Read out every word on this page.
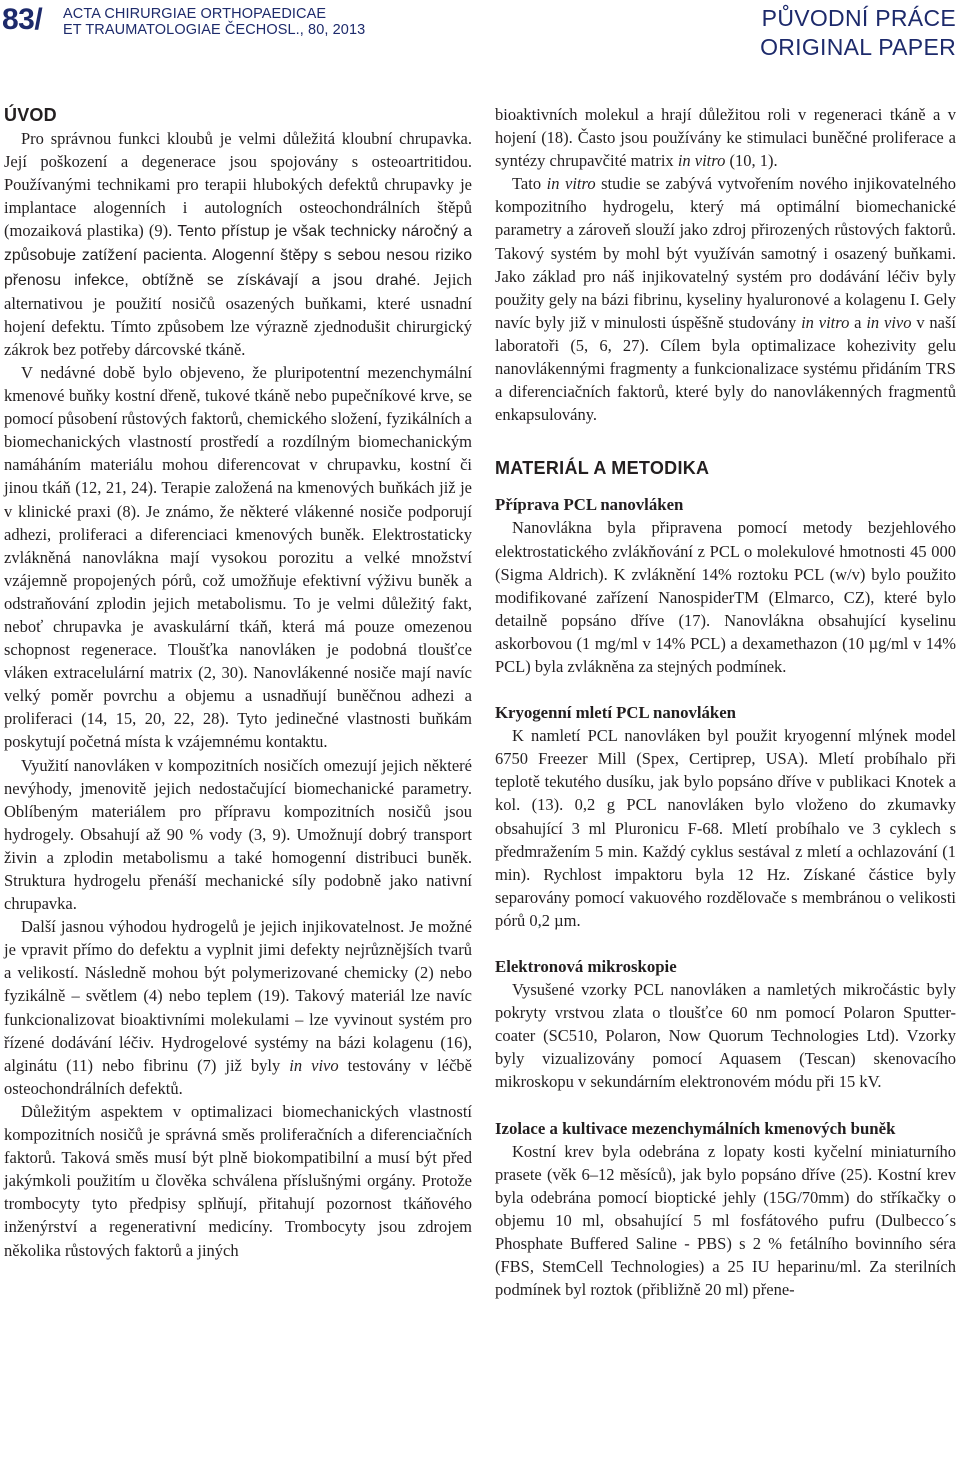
83/ ACTA CHIRURGIAE ORTHOPAEDICAE
ET TRAUMATOLOGIAE ČECHOSL., 80, 2013	PŮVODNÍ PRÁCE
ORIGINAL PAPER
ÚVOD

Pro správnou funkci kloubů je velmi důležitá kloubní chrupavka. Její poškození a degenerace jsou spojovány s osteoartritidou. Používanými technikami pro terapii hlubokých defektů chrupavky je implantace alogenních i autologních osteochondrálních štěpů (mozaiková plastika) (9). Tento přístup je však technicky náročný a způsobuje zatížení pacienta. Alogenní štěpy s sebou nesou riziko přenosu infekce, obtížně se získávají a jsou drahé. Jejich alternativou je použití nosičů osazených buňkami, které usnadní hojení defektu. Tímto způsobem lze výrazně zjednodušit chirurgický zákrok bez potřeby dárcovské tkáně.

V nedávné době bylo objeveno, že pluripotentní mezenchymální kmenové buňky kostní dřeně, tukové tkáně nebo pupečníkové krve, se pomocí působení růstových faktorů, chemického složení, fyzikálních a biomechanických vlastností prostředí a rozdílným biomechanickým namáháním materiálu mohou diferencovat v chrupavku, kostní či jinou tkáň (12, 21, 24). Terapie založená na kmenových buňkách již je v klinické praxi (8). Je známo, že některé vlákenné nosiče podporují adhezi, proliferaci a diferenciaci kmenových buněk. Elektrostaticky zvlákněná nanovlákna mají vysokou porozitu a velké množství vzájemně propojených pórů, což umožňuje efektivní výživu buněk a odstraňování zplodin jejich metabolismu. To je velmi důležitý fakt, neboť chrupavka je avaskulární tkáň, která má pouze omezenou schopnost regenerace. Tloušťka nanovláken je podobná tloušťce vláken extracelulární matrix (2, 30). Nanovlákenné nosiče mají navíc velký poměr povrchu a objemu a usnadňují buněčnou adhezi a proliferaci (14, 15, 20, 22, 28). Tyto jedinečné vlastnosti buňkám poskytují početná místa k vzájemnému kontaktu.

Využití nanovláken v kompozitních nosičích omezují jejich některé nevýhody, jmenovitě jejich nedostačující biomechanické parametry. Oblíbeným materiálem pro přípravu kompozitních nosičů jsou hydrogely. Obsahují až 90 % vody (3, 9). Umožnují dobrý transport živin a zplodin metabolismu a také homogenní distribuci buněk. Struktura hydrogelu přenáší mechanické síly podobně jako nativní chrupavka.

Další jasnou výhodou hydrogelů je jejich injikovatelnost. Je možné je vpravit přímo do defektu a vyplnit jimi defekty nejrůznějších tvarů a velikostí. Následně mohou být polymerizované chemicky (2) nebo fyzikálně – světlem (4) nebo teplem (19). Takový materiál lze navíc funkcionalizovat bioaktivními molekulami – lze vyvinout systém pro řízené dodávání léčiv. Hydrogelové systémy na bázi kolagenu (16), alginátu (11) nebo fibrinu (7) již byly in vivo testovány v léčbě osteochondrálních defektů.

Důležitým aspektem v optimalizaci biomechanických vlastností kompozitních nosičů je správná směs proliferačních a diferenciačních faktorů. Taková směs musí být plně biokompatibilní a musí být před jakýmkoli použitím u člověka schválena příslušnými orgány. Protože trombocyty tyto předpisy splňují, přitahují pozornost tkáňového inženýrství a regenerativní medicíny. Trombocyty jsou zdrojem několika růstových faktorů a jiných

bioaktivních molekul a hrají důležitou roli v regeneraci tkáně a v hojení (18). Často jsou používány ke stimulaci buněčné proliferace a syntézy chrupavčité matrix in vitro (10, 1).

Tato in vitro studie se zabývá vytvořením nového injikovatelného kompozitního hydrogelu, který má optimální biomechanické parametry a zároveň slouží jako zdroj přirozených růstových faktorů. Takový systém by mohl být využíván samotný i osazený buňkami. Jako základ pro náš injikovatelný systém pro dodávání léčiv byly použity gely na bázi fibrinu, kyseliny hyaluronové a kolagenu I. Gely navíc byly již v minulosti úspěšně studovány in vitro a in vivo v naší laboratoři (5, 6, 27). Cílem byla optimalizace kohezivity gelu nanovlákennými fragmenty a funkcionalizace systému přidáním TRS a diferenciačních faktorů, které byly do nanovlákenných fragmentů enkapsulovány.

MATERIÁL A METODIKA
Příprava PCL nanovláken

Nanovlákna byla připravena pomocí metody bezjehlového elektrostatického zvlákňování z PCL o molekulové hmotnosti 45 000 (Sigma Aldrich). K zvláknění 14% roztoku PCL (w/v) bylo použito modifikované zařízení NanospiderTM (Elmarco, CZ), které bylo detailně popsáno dříve (17). Nanovlákna obsahující kyselinu askorbovou (1 mg/ml v 14% PCL) a dexamethazon (10 µg/ml v 14% PCL) byla zvlákněna za stejných podmínek.

Kryogenní mletí PCL nanovláken

K namletí PCL nanovláken byl použit kryogenní mlýnek model 6750 Freezer Mill (Spex, Certiprep, USA). Mletí probíhalo při teplotě tekutého dusíku, jak bylo popsáno dříve v publikaci Knotek a kol. (13). 0,2 g PCL nanovláken bylo vloženo do zkumavky obsahující 3 ml Pluronicu F-68. Mletí probíhalo ve 3 cyklech s předmražením 5 min. Každý cyklus sestával z mletí a ochlazování (1 min). Rychlost impaktoru byla 12 Hz. Získané částice byly separovány pomocí vakuového rozdělovače s membránou o velikosti pórů 0,2 µm.

Elektronová mikroskopie

Vysušené vzorky PCL nanovláken a namletých mikročástic byly pokryty vrstvou zlata o tloušťce 60 nm pomocí Polaron Sputter-coater (SC510, Polaron, Now Quorum Technologies Ltd). Vzorky byly vizualizovány pomocí Aquasem (Tescan) skenovacího mikroskopu v sekundárním elektronovém módu při 15 kV.

Izolace a kultivace mezenchymálních kmenových buněk

Kostní krev byla odebrána z lopaty kosti kyčelní miniaturního prasete (věk 6–12 měsíců), jak bylo popsáno dříve (25). Kostní krev byla odebrána pomocí bioptické jehly (15G/70mm) do stříkačky o objemu 10 ml, obsahující 5 ml fosfátového pufru (Dulbecco´s Phosphate Buffered Saline - PBS) s 2 % fetálního bovinního séra (FBS, StemCell Technologies) a 25 IU heparinu/ml. Za sterilních podmínek byl roztok (přibližně 20 ml) přene-
